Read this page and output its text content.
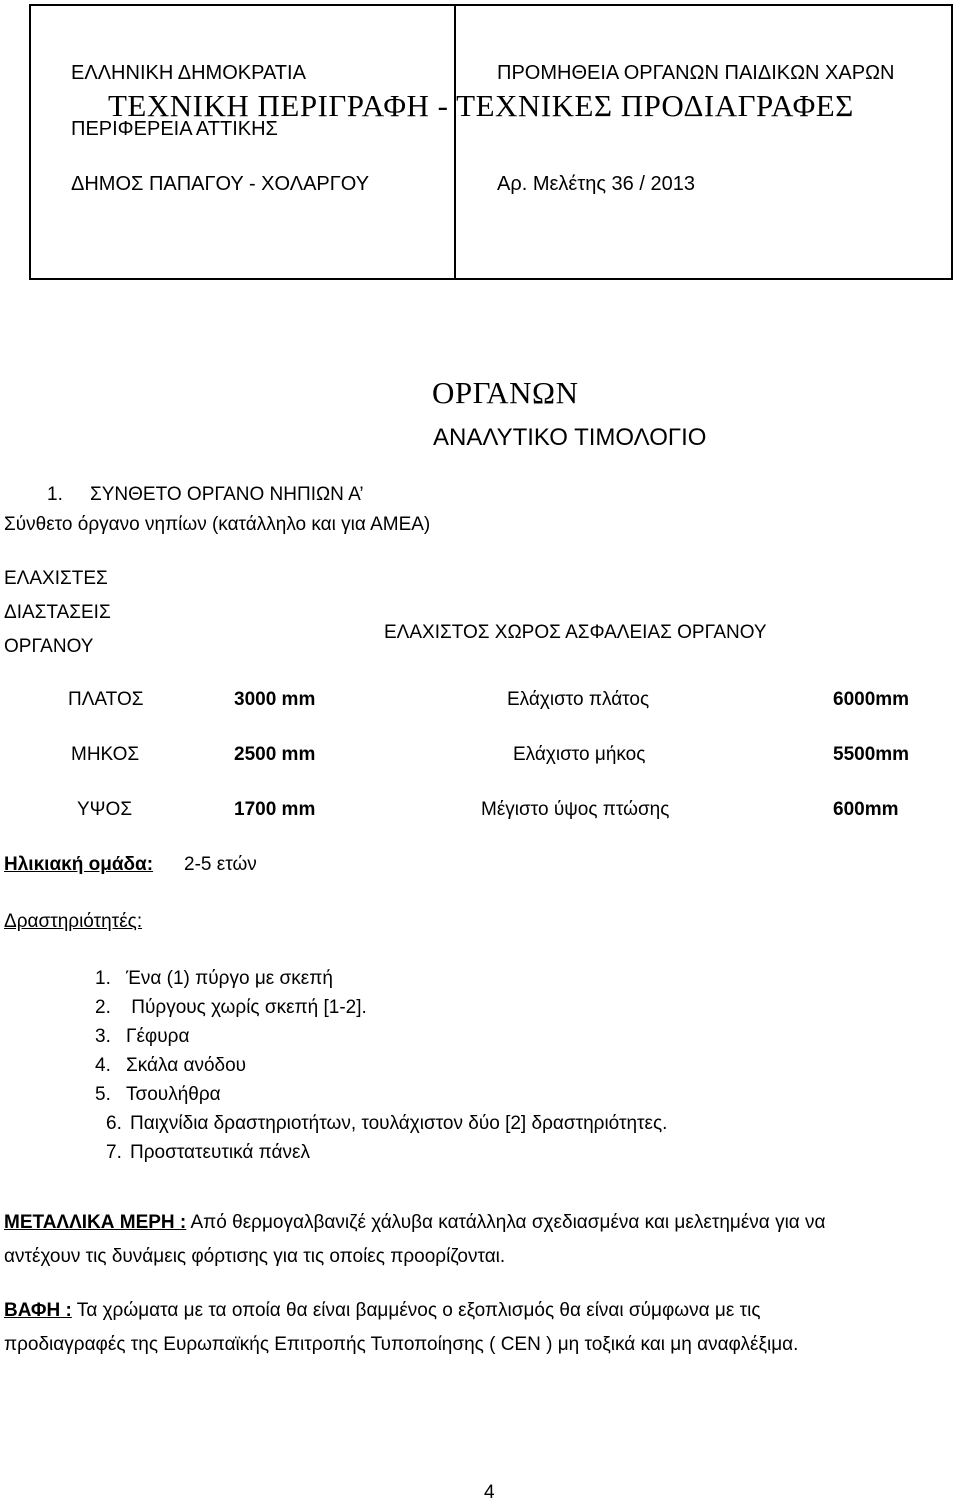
ΕΛΛΗΝΙΚΗ ΔΗΜΟΚΡΑΤΙΑ
ΠΕΡΙΦΕΡΕΙΑ ΑΤΤΙΚΗΣ
ΔΗΜΟΣ ΠΑΠΑΓΟΥ - ΧΟΛΑΡΓΟΥ
ΠΡΟΜΗΘΕΙΑ ΟΡΓΑΝΩΝ ΠΑΙΔΙΚΩΝ ΧΑΡΩΝ
Αρ. Μελέτης 36 / 2013
ΤΕΧΝΙΚΗ ΠΕΡΙΓΡΑΦΗ - ΤΕΧΝΙΚΕΣ ΠΡΟΔΙΑΓΡΑΦΕΣ
ΟΡΓΑΝΩΝ
ΑΝΑΛΥΤΙΚΟ ΤΙΜΟΛΟΓΙΟ
1. ΣΥΝΘΕΤΟ ΟΡΓΑΝΟ ΝΗΠΙΩΝ Α’
Σύνθετο όργανο νηπίων (κατάλληλο και για ΑΜΕΑ)
ΕΛΑΧΙΣΤΕΣ
ΔΙΑΣΤΑΣΕΙΣ
ΟΡΓΑΝΟΥ
ΕΛΑΧΙΣΤΟΣ ΧΩΡΟΣ ΑΣΦΑΛΕΙΑΣ ΟΡΓΑΝΟΥ
ΠΛΑΤΟΣ	3000 mm	Ελάχιστο πλάτος	6000mm
ΜΗΚΟΣ	2500 mm	Ελάχιστο μήκος	5500mm
ΥΨΟΣ	1700 mm	Μέγιστο ύψος πτώσης	600mm
Ηλικιακή ομάδα: 2-5 ετών
Δραστηριότητές:
1. Ένα (1) πύργο με σκεπή
2. Πύργους χωρίς σκεπή [1-2].
3. Γέφυρα
4. Σκάλα ανόδου
5. Τσουλήθρα
6. Παιχνίδια δραστηριοτήτων, τουλάχιστον δύο [2] δραστηριότητες.
7. Προστατευτικά πάνελ
ΜΕΤΑΛΛΙΚΑ ΜΕΡΗ : Από θερμογαλβανιζέ χάλυβα κατάλληλα σχεδιασμένα και μελετημένα για να
αντέχουν τις δυνάμεις φόρτισης για τις οποίες προορίζονται.
ΒΑΦΗ : Τα χρώματα με τα οποία θα είναι βαμμένος ο εξοπλισμός θα είναι σύμφωνα με τις
προδιαγραφές της Ευρωπαϊκής Επιτροπής Τυποποίησης ( CEN ) μη τοξικά και μη αναφλέξιμα.
4
